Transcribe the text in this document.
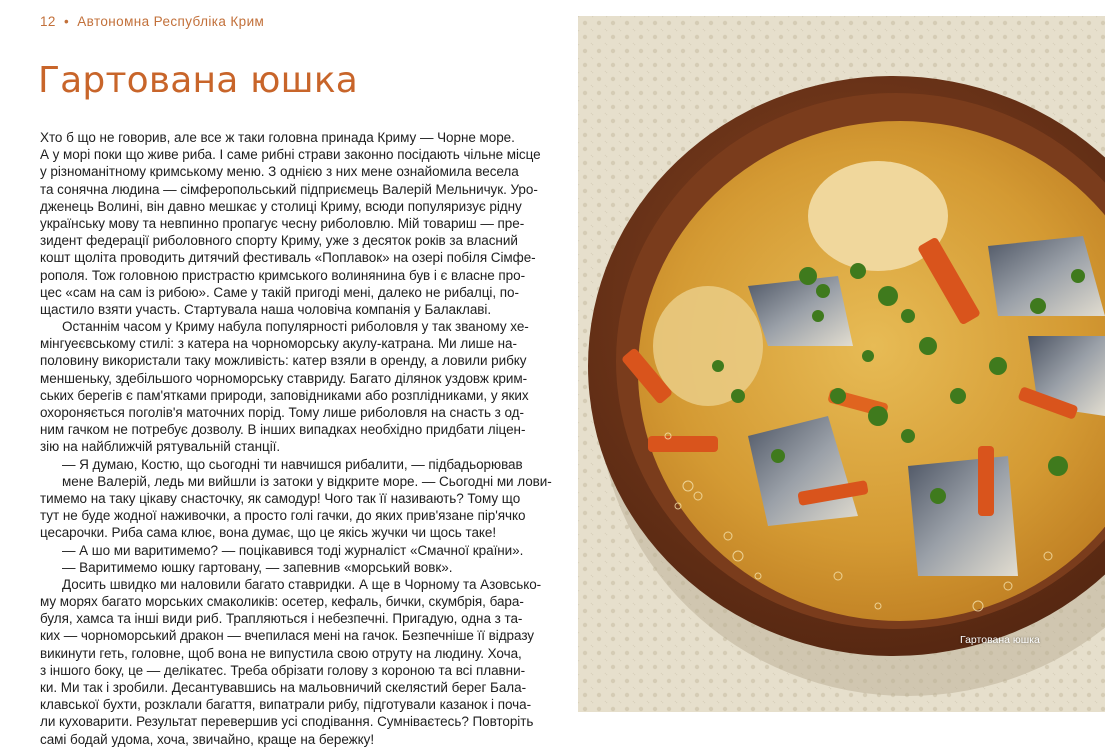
12 • Автономна Республіка Крим
Гартована юшка
Хто б що не говорив, але все ж таки головна принада Криму — Чорне море.
А у морі поки що живе риба. І саме рибні страви законно посідають чільне місце
у різноманітному кримському меню. З однією з них мене ознайомила весела
та сонячна людина — сімферопольський підприємець Валерій Мельничук. Уро-
дженець Волині, він давно мешкає у столиці Криму, всюди популяризує рідну
українську мову та невпинно пропагує чесну риболовлю. Мій товариш — пре-
зидент федерації риболовного спорту Криму, уже з десяток років за власний
кошт щоліта проводить дитячий фестиваль «Поплавок» на озері побіля Сімфе-
рополя. Тож головною пристрастю кримського волинянина був і є власне про-
цес «сам на сам із рибою». Саме у такій пригоді мені, далеко не рибалці, по-
щастило взяти участь. Стартувала наша чоловіча компанія у Балаклаві.
Останнім часом у Криму набула популярності риболовля у так званому хе-
мінгуеєвському стилі: з катера на чорноморську акулу-катрана. Ми лише на-
половину використали таку можливість: катер взяли в оренду, а ловили рибку
меншеньку, здебільшого чорноморську ставриду. Багато ділянок уздовж крим-
ських берегів є пам'ятками природи, заповідниками або розплідниками, у яких
охороняється поголів'я маточних порід. Тому лише риболовля на снасть з од-
ним гачком не потребує дозволу. В інших випадках необхідно придбати ліцен-
зію на найближчій рятувальній станції.
— Я думаю, Костю, що сьогодні ти навчишся рибалити, — підбадьорював
мене Валерій, ледь ми вийшли із затоки у відкрите море. — Сьогодні ми лови-
тимемо на таку цікаву снасточку, як самодур! Чого так її називають? Тому що
тут не буде жодної наживочки, а просто голі гачки, до яких прив'язане пір'ячко
цесарочки. Риба сама клює, вона думає, що це якісь жучки чи щось таке!
— А шо ми варитимемо? — поцікавився тоді журналіст «Смачної країни».
— Варитимемо юшку гартовану, — запевнив «морський вовк».
Досить швидко ми наловили багато ставридки. А ще в Чорному та Азовсько-
му морях багато морських смаколиків: осетер, кефаль, бички, скумбрія, бара-
буля, хамса та інші види риб. Трапляються і небезпечні. Пригадую, одна з та-
ких — чорноморський дракон — вчепилася мені на гачок. Безпечніше її відразу
викинути геть, головне, щоб вона не випустила свою отруту на людину. Хоча,
з іншого боку, це — делікатес. Треба обрізати голову з короною та всі плавни-
ки. Ми так і зробили. Десантувавшись на мальовничий скелястий берег Бала-
клавської бухти, розклали багаття, випатрали рибу, підготували казанок і поча-
ли куховарити. Результат перевершив усі сподівання. Сумніваєтесь? Повторіть
самі бодай удома, хоча, звичайно, краще на бережку!
Гартована юшка
